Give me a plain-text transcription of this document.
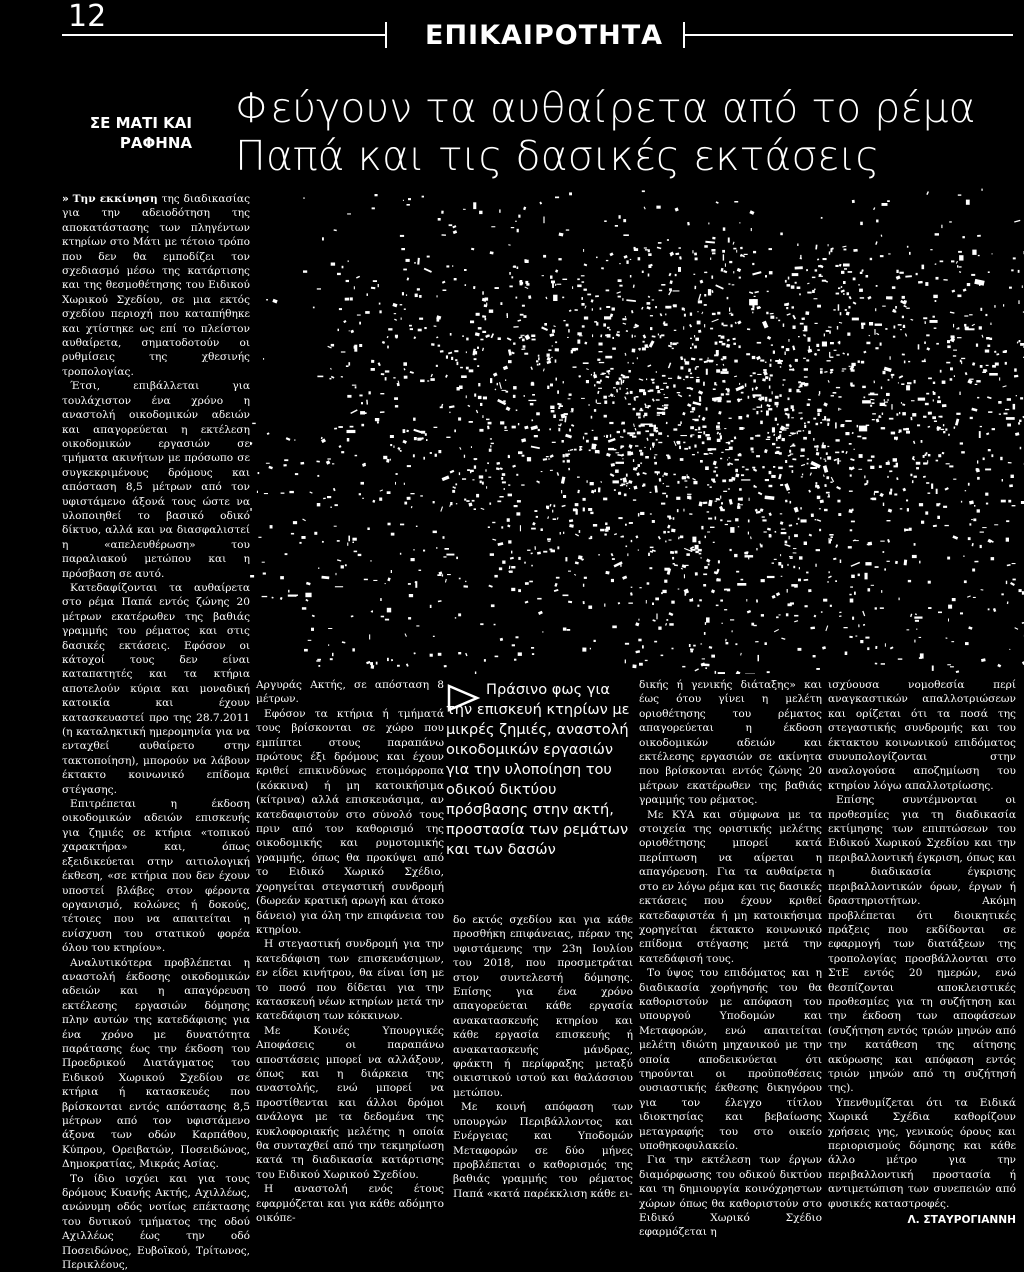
12
ΕΠΙΚΑΙΡΟΤΗΤΑ
ΣΕ ΜΑΤΙ ΚΑΙ
ΡΑΦΗΝΑ
Φεύγουν τα αυθαίρετα από το ρέμα
Παπά και τις δασικές εκτάσεις

» Την εκκίνηση της διαδικασίας για την αδειοδότηση της αποκατάστασης των πληγέντων κτηρίων στο Μάτι με τέτοιο τρόπο που δεν θα εμποδίζει τον σχεδιασμό μέσω της κατάρτισης και της θεσμοθέτησης του Ειδικού Χωρικού Σχεδίου, σε μια εκτός σχεδίου περιοχή που καταπήθηκε και χτίστηκε ως επί το πλείστον αυθαίρετα, σηματοδοτούν οι ρυθμίσεις της χθεσινής τροπολογίας.

Έτσι, επιβάλλεται για τουλάχιστον ένα χρόνο η αναστολή οικοδομικών αδειών και απαγορεύεται η εκτέλεση οικοδομικών εργασιών σε τμήματα ακινήτων με πρόσωπο σε συγκεκριμένους δρόμους και απόσταση 8,5 μέτρων από τον υφιστάμενο άξονά τους ώστε να υλοποιηθεί το βασικό οδικό δίκτυο, αλλά και να διασφαλιστεί η «απελευθέρωση» του παραλιακού μετώπου και η πρόσβαση σε αυτό.

Κατεδαφίζονται τα αυθαίρετα στο ρέμα Παπά εντός ζώνης 20 μέτρων εκατέρωθεν της βαθιάς γραμμής του ρέματος και στις δασικές εκτάσεις. Εφόσον οι κάτοχοί τους δεν είναι καταπατητές και τα κτήρια αποτελούν κύρια και μοναδική κατοικία και έχουν κατασκευαστεί προ της 28.7.2011 (η καταληκτική ημερομηνία για να ενταχθεί αυθαίρετο στην τακτοποίηση), μπορούν να λάβουν έκτακτο κοινωνικό επίδομα στέγασης.

Επιτρέπεται η έκδοση οικοδομικών αδειών επισκευής για ζημιές σε κτήρια «τοπικού χαρακτήρα» και, όπως εξειδικεύεται στην αιτιολογική έκθεση, «σε κτήρια που δεν έχουν υποστεί βλάβες στον φέροντα οργανισμό, κολώνες ή δοκούς, τέτοιες που να απαιτείται η ενίσχυση του στατικού φορέα όλου του κτηρίου».

Αναλυτικότερα προβλέπεται η αναστολή έκδοσης οικοδομικών αδειών και η απαγόρευση εκτέλεσης εργασιών δόμησης πλην αυτών της κατεδάφισης για ένα χρόνο με δυνατότητα παράτασης έως την έκδοση του Προεδρικού Διατάγματος του Ειδικού Χωρικού Σχεδίου σε κτήρια ή κατασκευές που βρίσκονται εντός απόστασης 8,5 μέτρων από τον υφιστάμενο άξονα των οδών Καρπάθου, Κύπρου, Ορειβατών, Ποσειδώνος, Δημοκρατίας, Μικράς Ασίας.

Το ίδιο ισχύει και για τους δρόμους Κυανής Ακτής, Αχιλλέως, ανώνυμη οδός νοτίως επέκτασης του δυτικού τμήματος της οδού Αχιλλέως έως την οδό Ποσειδώνος, Ευβοϊκού, Τρίτωνος, Περικλέους,

Αργυράς Ακτής, σε απόσταση 8 μέτρων.

Εφόσον τα κτήρια ή τμήματά τους βρίσκονται σε χώρο που εμπίπτει στους παραπάνω πρώτους έξι δρόμους και έχουν κριθεί επικινδύνως ετοιμόρροπα (κόκκινα) ή μη κατοικήσιμα (κίτρινα) αλλά επισκευάσιμα, αν κατεδαφιστούν στο σύνολό τους πριν από τον καθορισμό της οικοδομικής και ρυμοτομικής γραμμής, όπως θα προκύψει από το Ειδικό Χωρικό Σχέδιο, χορηγείται στεγαστική συνδρομή (δωρεάν κρατική αρωγή και άτοκο δάνειο) για όλη την επιφάνεια του κτηρίου.

Η στεγαστική συνδρομή για την κατεδάφιση των επισκευάσιμων, εν είδει κινήτρου, θα είναι ίση με το ποσό που δίδεται για την κατασκευή νέων κτηρίων μετά την κατεδάφιση των κόκκινων.

Με Κοινές Υπουργικές Αποφάσεις οι παραπάνω αποστάσεις μπορεί να αλλάξουν, όπως και η διάρκεια της αναστολής, ενώ μπορεί να προστίθενται και άλλοι δρόμοι ανάλογα με τα δεδομένα της κυκλοφοριακής μελέτης η οποία θα συνταχθεί από την τεκμηρίωση κατά τη διαδικασία κατάρτισης του Ειδικού Χωρικού Σχεδίου.

Η αναστολή ενός έτους εφαρμόζεται και για κάθε αδόμητο οικόπε-

Πράσινο φως για την επισκευή κτηρίων με μικρές ζημιές, αναστολή οικοδομικών εργασιών για την υλοποίηση του οδικού δικτύου πρόσβασης στην ακτή, προστασία των ρεμάτων και των δασών

δο εκτός σχεδίου και για κάθε προσθήκη επιφάνειας, πέραν της υφιστάμενης την 23η Ιουλίου του 2018, που προσμετράται στον συντελεστή δόμησης. Επίσης για ένα χρόνο απαγορεύεται κάθε εργασία ανακατασκευής κτηρίου και κάθε εργασία επισκευής ή ανακατασκευής μάνδρας, φράκτη ή περίφραξης μεταξύ οικιστικού ιστού και θαλάσσιου μετώπου.

Με κοινή απόφαση των υπουργών Περιβάλλοντος και Ενέργειας και Υποδομών Μεταφορών σε δύο μήνες προβλέπεται ο καθορισμός της βαθιάς γραμμής του ρέματος Παπά «κατά παρέκκλιση κάθε ει-

δικής ή γενικής διάταξης» και έως ότου γίνει η μελέτη οριοθέτησης του ρέματος απαγορεύεται η έκδοση οικοδομικών αδειών και εκτέλεσης εργασιών σε ακίνητα που βρίσκονται εντός ζώνης 20 μέτρων εκατέρωθεν της βαθιάς γραμμής του ρέματος.

Με ΚΥΑ και σύμφωνα με τα στοιχεία της οριστικής μελέτης οριοθέτησης μπορεί κατά περίπτωση να αίρεται η απαγόρευση. Για τα αυθαίρετα στο εν λόγω ρέμα και τις δασικές εκτάσεις που έχουν κριθεί κατεδαφιστέα ή μη κατοικήσιμα χορηγείται έκτακτο κοινωνικό επίδομα στέγασης μετά την κατεδάφισή τους.

Το ύψος του επιδόματος και η διαδικασία χορήγησής του θα καθοριστούν με απόφαση του υπουργού Υποδομών και Μεταφορών, ενώ απαιτείται μελέτη ιδιώτη μηχανικού με την οποία αποδεικνύεται ότι τηρούνται οι προϋποθέσεις ουσιαστικής έκθεσης δικηγόρου για τον έλεγχο τίτλου ιδιοκτησίας και βεβαίωσης μεταγραφής του στο οικείο υποθηκοφυλακείο.

Για την εκτέλεση των έργων διαμόρφωσης του οδικού δικτύου και τη δημιουργία κοινόχρηστων χώρων όπως θα καθοριστούν στο Ειδικό Χωρικό Σχέδιο εφαρμόζεται η

ισχύουσα νομοθεσία περί αναγκαστικών απαλλοτριώσεων και ορίζεται ότι τα ποσά της στεγαστικής συνδρομής και του έκτακτου κοινωνικού επιδόματος συνυπολογίζονται στην αναλογούσα αποζημίωση του κτηρίου λόγω απαλλοτρίωσης.

Επίσης συντέμνονται οι προθεσμίες για τη διαδικασία εκτίμησης των επιπτώσεων του Ειδικού Χωρικού Σχεδίου και την περιβαλλοντική έγκριση, όπως και η διαδικασία έγκρισης περιβαλλοντικών όρων, έργων ή δραστηριοτήτων. Ακόμη προβλέπεται ότι διοικητικές πράξεις που εκδίδονται σε εφαρμογή των διατάξεων της τροπολογίας προσβάλλονται στο ΣτΕ εντός 20 ημερών, ενώ θεσπίζονται αποκλειστικές προθεσμίες για τη συζήτηση και την έκδοση των αποφάσεων (συζήτηση εντός τριών μηνών από την κατάθεση της αίτησης ακύρωσης και απόφαση εντός τριών μηνών από τη συζήτησή της).

Υπενθυμίζεται ότι τα Ειδικά Χωρικά Σχέδια καθορίζουν χρήσεις γης, γενικούς όρους και περιορισμούς δόμησης και κάθε άλλο μέτρο για την περιβαλλοντική προστασία ή αντιμετώπιση των συνεπειών από φυσικές καταστροφές.

Λ. ΣΤΑΥΡΟΓΙΑΝΝΗ
